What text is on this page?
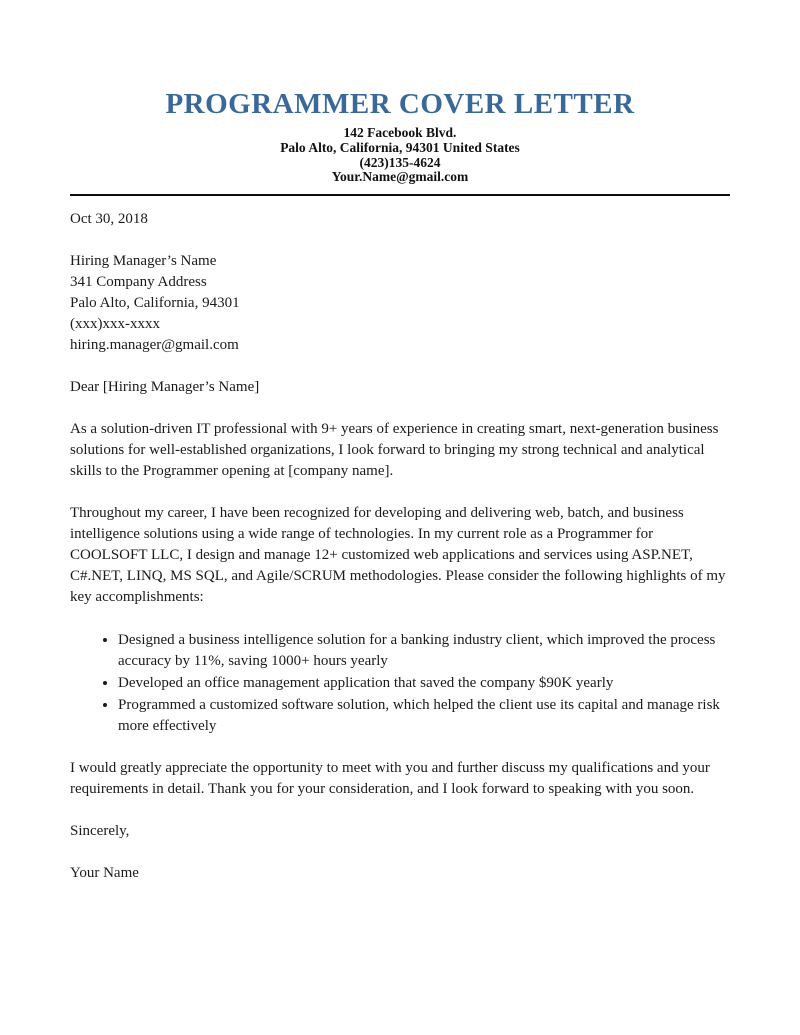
PROGRAMMER COVER LETTER

142 Facebook Blvd.

Palo Alto, California, 94301 United States

(423)135-4624

Your.Name@gmail.com

Oct 30, 2018

Hiring Manager’s Name

341 Company Address

Palo Alto, California, 94301

(xxx)xxx-xxxx

hiring.manager@gmail.com

Dear [Hiring Manager’s Name]

As a solution-driven IT professional with 9+ years of experience in creating smart, next-generation business solutions for well-established organizations, I look forward to bringing my strong technical and analytical skills to the Programmer opening at [company name].

Throughout my career, I have been recognized for developing and delivering web, batch, and business intelligence solutions using a wide range of technologies. In my current role as a Programmer for COOLSOFT LLC, I design and manage 12+ customized web applications and services using ASP.NET, C#.NET, LINQ, MS SQL, and Agile/SCRUM methodologies. Please consider the following highlights of my key accomplishments:

• Designed a business intelligence solution for a banking industry client, which improved the process accuracy by 11%, saving 1000+ hours yearly
• Developed an office management application that saved the company $90K yearly
• Programmed a customized software solution, which helped the client use its capital and manage risk more effectively

I would greatly appreciate the opportunity to meet with you and further discuss my qualifications and your requirements in detail. Thank you for your consideration, and I look forward to speaking with you soon.

Sincerely,

Your Name
